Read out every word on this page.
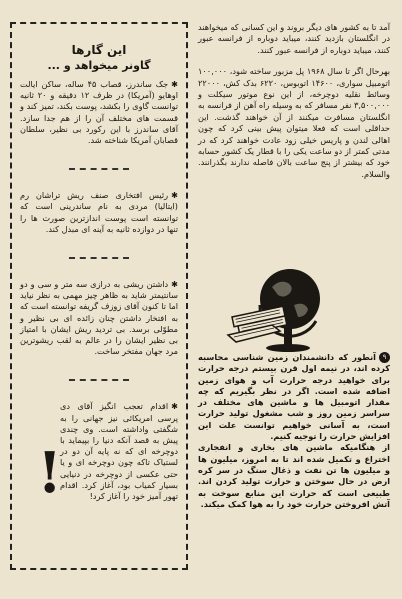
این گارها
گاونر میخواهد و ...

✱جک ساندرز، قصاب ۴۵ ساله، ساکن ایالت اوهایو (آمریکا) در ظرف ۱۲ دقیقه و ۲۰ ثانیه توانست گاوی را بکشد، پوست بکند، تمیز کند و قسمت های مختلف آن را از هم جدا سازد. آقای ساندرز با این رکورد بی نظیر، سلطان قصابان آمریکا شناخته شد.

✱رئیس افتخاری صنف ریش تراشان رم (ایتالیا) مردی به نام ساندرینی است که توانسته است پوست اندازترین صورت ها را تنها در دوازده ثانیه به آینه ای مبدل کند.

✱داشتن ریشی به درازی سه متر و سی و دو سانتیمتر شاید به ظاهر چیز مهمی به نظر نیاید اما تا کنون آقای زوزف گریفه توانسته است که به افتخار داشتن چنان زائده ای بی نظیر و مطوّلی برسد. بی تردید ریش ایشان با امتیاز بی نظیر ایشان را در عالم به لقب ریشوترین مرد جهان مفتخر ساخت.

✱اقدام تعجب انگیز آقای دی پرسی امریکائی نیز جهانی را به شگفتی واداشته است. وی چندی پیش به قصد آنکه دنیا را بپیماید با دوچرخه ای که نه پایه آن دو در لستیاک تاکه چون دوچرخه ای و یا حتی عکسی از دوچرخه در دنیایی بسیار کمیاب بود، آغاز کرد. اقدام تهور آمیز خود را آغاز کرد!

!

آمد تا به کشور های دیگر بروند و این کسانی که میخواهند در انگلستان بازدید کنند، میباید دوباره از فرانسه عبور کنند، میباید دوباره از فرانسه عبور کنند.

بهرحال اگر تا سال ۱۹۶۸ پل مزبور ساخته شود، ۱۰۰,۰۰۰ اتومبیل سواری، ۱۴۶۰۰ اتوبوس، ۶۲۲۰ بدک کش، ۲۲۰۰۰ وسائط نقلیه دوچرخه، از این نوع موتور سیکلت و ۳,۵۰۰,۰۰۰ نفر مسافر که به وسیله راه آهن از فرانسه به انگلستان مسافرت میکنند از آن خواهند گذشت. این حداقلی است که فعلا میتوان پیش بینی کرد که چون اهالی لندن و پاریس خیلی زود عادت خواهند کرد که در مدتی کمتر از دو ساعت یکی را با قطار یک کشور حسابه خود که بیشتر از پنج ساعت بالان فاصله ندارند بگذرانند. والسلام.

۹آنطور که دانشمندان زمین شناسی محاسبه کرده اند، در نیمه اول قرن بیستم درجه حرارت برای خواهید درجه حرارت آب و هوای زمین اضافه شده است. اگر در نظر بگیریم که چه مقدار اتومبیل ها و ماشین های مختلف در سراسر زمین روز و شب مشغول تولید حرارت است، به آسانی خواهیم توانست علت این افزایش حرارت را توجیه کنیم.

از هنگامیکه ماشین های بخاری و انفجاری اختراع و تکمیل شده اند تا به امروز، میلیون ها و میلیون ها تن نفت و ذغال سنگ در سر کره ارض در حال سوختن و حرارت تولید کردن اند. طبیعی است که حرارت این منابع سوخت به آتش افروختن حرارت خود را به هوا کمک میکند.
